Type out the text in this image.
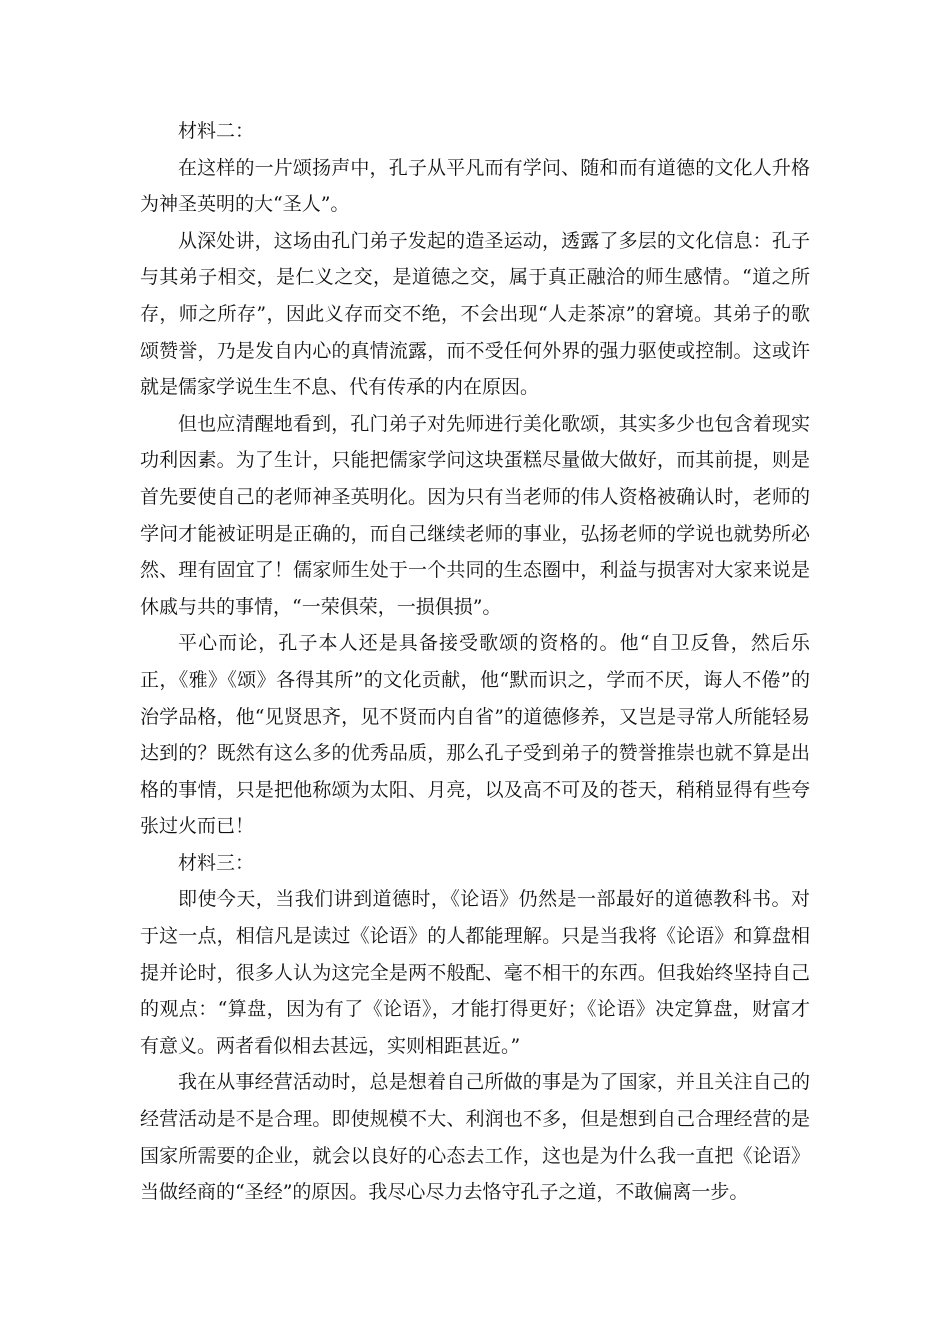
材料二：

在这样的一片颂扬声中，孔子从平凡而有学问、随和而有道德的文化人升格为神圣英明的大“圣人”。

从深处讲，这场由孔门弟子发起的造圣运动，透露了多层的文化信息：孔子与其弟子相交，是仁义之交，是道德之交，属于真正融洽的师生感情。“道之所存，师之所存”，因此义存而交不绝，不会出现“人走茶凉”的窘境。其弟子的歌颂赞誉，乃是发自内心的真情流露，而不受任何外界的强力驱使或控制。这或许就是儒家学说生生不息、代有传承的内在原因。

但也应清醒地看到，孔门弟子对先师进行美化歌颂，其实多少也包含着现实功利因素。为了生计，只能把儒家学问这块蛋糕尽量做大做好，而其前提，则是首先要使自己的老师神圣英明化。因为只有当老师的伟人资格被确认时，老师的学问才能被证明是正确的，而自己继续老师的事业，弘扬老师的学说也就势所必然、理有固宜了！儒家师生处于一个共同的生态圈中，利益与损害对大家来说是休戚与共的事情，“一荣俱荣，一损俱损”。

平心而论，孔子本人还是具备接受歌颂的资格的。他“自卫反鲁，然后乐正，《雅》《颂》各得其所”的文化贡献，他“默而识之，学而不厌，诲人不倦”的治学品格，他“见贤思齐，见不贤而内自省”的道德修养，又岂是寻常人所能轻易达到的？既然有这么多的优秀品质，那么孔子受到弟子的赞誉推崇也就不算是出格的事情，只是把他称颂为太阳、月亮，以及高不可及的苍天，稍稍显得有些夸张过火而已！

材料三：

即使今天，当我们讲到道德时，《论语》仍然是一部最好的道德教科书。对于这一点，相信凡是读过《论语》的人都能理解。只是当我将《论语》和算盘相提并论时，很多人认为这完全是两不般配、毫不相干的东西。但我始终坚持自己的观点：“算盘，因为有了《论语》，才能打得更好；《论语》决定算盘，财富才有意义。两者看似相去甚远，实则相距甚近。”

我在从事经营活动时，总是想着自己所做的事是为了国家，并且关注自己的经营活动是不是合理。即使规模不大、利润也不多，但是想到自己合理经营的是国家所需要的企业，就会以良好的心态去工作，这也是为什么我一直把《论语》当做经商的“圣经”的原因。我尽心尽力去恪守孔子之道，不敢偏离一步。
